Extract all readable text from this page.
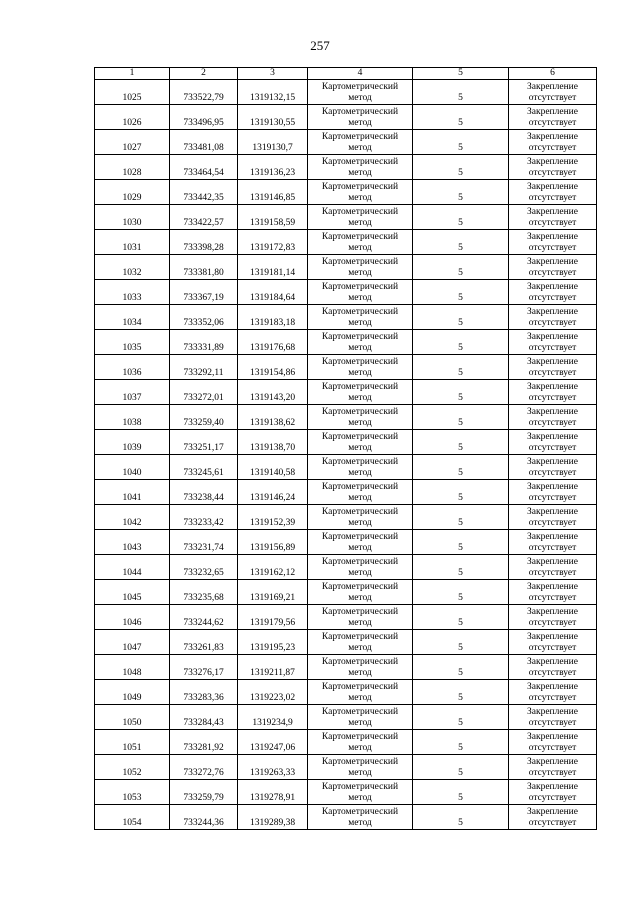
257
1	2	3	4	5	6
1025	733522,79	1319132,15	Картометрический
метод	5	Закрепление
отсутствует

1026	733496,95	1319130,55	Картометрический
метод	5	Закрепление
отсутствует

1027	733481,08	1319130,7	Картометрический
метод	5	Закрепление
отсутствует

1028	733464,54	1319136,23	Картометрический
метод	5	Закрепление
отсутствует

1029	733442,35	1319146,85	Картометрический
метод	5	Закрепление
отсутствует

1030	733422,57	1319158,59	Картометрический
метод	5	Закрепление
отсутствует

1031	733398,28	1319172,83	Картометрический
метод	5	Закрепление
отсутствует

1032	733381,80	1319181,14	Картометрический
метод	5	Закрепление
отсутствует

1033	733367,19	1319184,64	Картометрический
метод	5	Закрепление
отсутствует

1034	733352,06	1319183,18	Картометрический
метод	5	Закрепление
отсутствует

1035	733331,89	1319176,68	Картометрический
метод	5	Закрепление
отсутствует

1036	733292,11	1319154,86	Картометрический
метод	5	Закрепление
отсутствует

1037	733272,01	1319143,20	Картометрический
метод	5	Закрепление
отсутствует

1038	733259,40	1319138,62	Картометрический
метод	5	Закрепление
отсутствует

1039	733251,17	1319138,70	Картометрический
метод	5	Закрепление
отсутствует

1040	733245,61	1319140,58	Картометрический
метод	5	Закрепление
отсутствует

1041	733238,44	1319146,24	Картометрический
метод	5	Закрепление
отсутствует

1042	733233,42	1319152,39	Картометрический
метод	5	Закрепление
отсутствует

1043	733231,74	1319156,89	Картометрический
метод	5	Закрепление
отсутствует

1044	733232,65	1319162,12	Картометрический
метод	5	Закрепление
отсутствует

1045	733235,68	1319169,21	Картометрический
метод	5	Закрепление
отсутствует

1046	733244,62	1319179,56	Картометрический
метод	5	Закрепление
отсутствует

1047	733261,83	1319195,23	Картометрический
метод	5	Закрепление
отсутствует

1048	733276,17	1319211,87	Картометрический
метод	5	Закрепление
отсутствует

1049	733283,36	1319223,02	Картометрический
метод	5	Закрепление
отсутствует

1050	733284,43	1319234,9	Картометрический
метод	5	Закрепление
отсутствует

1051	733281,92	1319247,06	Картометрический
метод	5	Закрепление
отсутствует

1052	733272,76	1319263,33	Картометрический
метод	5	Закрепление
отсутствует

1053	733259,79	1319278,91	Картометрический
метод	5	Закрепление
отсутствует

1054	733244,36	1319289,38	Картометрический
метод	5	Закрепление
отсутствует
